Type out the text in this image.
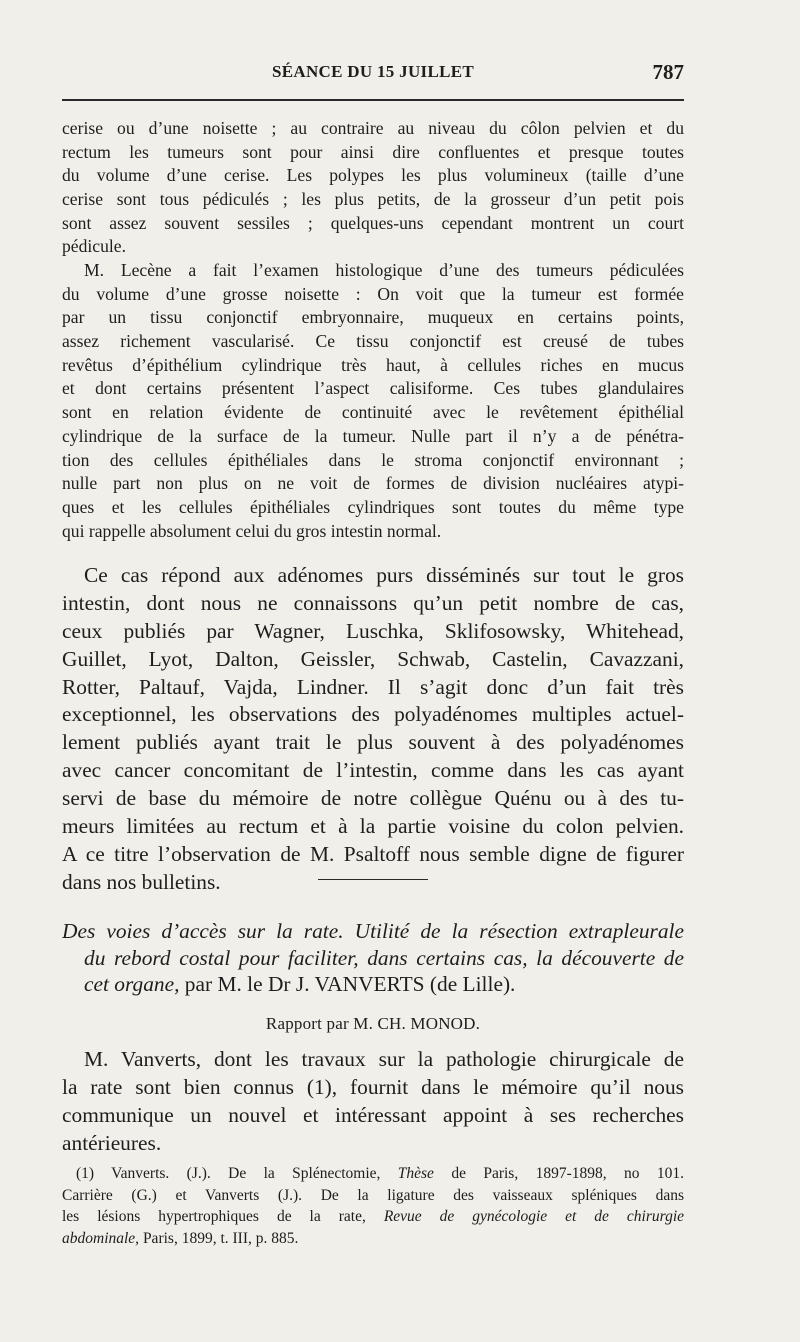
SÉANCE DU 15 JUILLET	787
cerise ou d’une noisette ; au contraire au niveau du côlon pelvien et du
rectum les tumeurs sont pour ainsi dire confluentes et presque toutes
du volume d’une cerise. Les polypes les plus volumineux (taille d’une
cerise sont tous pédiculés ; les plus petits, de la grosseur d’un petit pois
sont assez souvent sessiles ; quelques-uns cependant montrent un court
pédicule.
M. Lecène a fait l’examen histologique d’une des tumeurs pédiculées
du volume d’une grosse noisette : On voit que la tumeur est formée
par un tissu conjonctif embryonnaire, muqueux en certains points,
assez richement vascularisé. Ce tissu conjonctif est creusé de tubes
revêtus d’épithélium cylindrique très haut, à cellules riches en mucus
et dont certains présentent l’aspect calisiforme. Ces tubes glandulaires
sont en relation évidente de continuité avec le revêtement épithélial
cylindrique de la surface de la tumeur. Nulle part il n’y a de pénétra-
tion des cellules épithéliales dans le stroma conjonctif environnant ;
nulle part non plus on ne voit de formes de division nucléaires atypi-
ques et les cellules épithéliales cylindriques sont toutes du même type
qui rappelle absolument celui du gros intestin normal.
Ce cas répond aux adénomes purs disséminés sur tout le gros
intestin, dont nous ne connaissons qu’un petit nombre de cas,
ceux publiés par Wagner, Luschka, Sklifosowsky, Whitehead,
Guillet, Lyot, Dalton, Geissler, Schwab, Castelin, Cavazzani,
Rotter, Paltauf, Vajda, Lindner. Il s’agit donc d’un fait très
exceptionnel, les observations des polyadénomes multiples actuel-
lement publiés ayant trait le plus souvent à des polyadénomes
avec cancer concomitant de l’intestin, comme dans les cas ayant
servi de base du mémoire de notre collègue Quénu ou à des tu-
meurs limitées au rectum et à la partie voisine du colon pelvien.
A ce titre l’observation de M. Psaltoff nous semble digne de figurer
dans nos bulletins.
Des voies d’accès sur la rate. Utilité de la résection extrapleurale
du rebord costal pour faciliter, dans certains cas, la découverte de
cet organe, par M. le Dr J. VANVERTS (de Lille).
Rapport par M. CH. MONOD.
M. Vanverts, dont les travaux sur la pathologie chirurgicale de
la rate sont bien connus (1), fournit dans le mémoire qu’il nous
communique un nouvel et intéressant appoint à ses recherches
antérieures.
(1) Vanverts. (J.). De la Splénectomie, Thèse de Paris, 1897-1898, no 101.
Carrière (G.) et Vanverts (J.). De la ligature des vaisseaux spléniques dans
les lésions hypertrophiques de la rate, Revue de gynécologie et de chirurgie
abdominale, Paris, 1899, t. III, p. 885.
